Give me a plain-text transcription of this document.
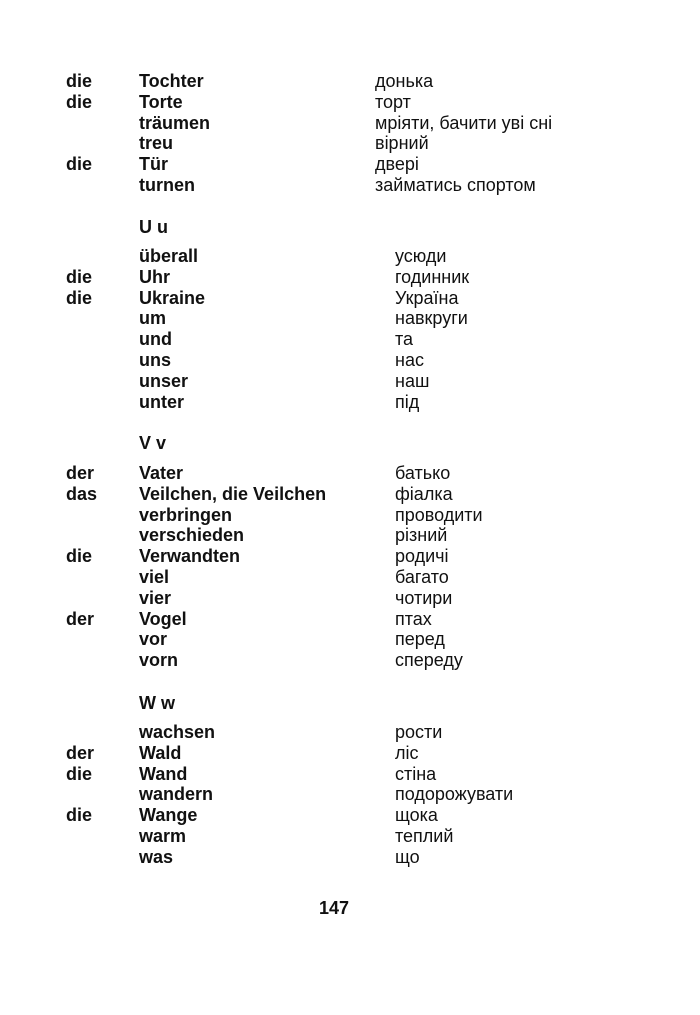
die	Tochter	донька
die	Torte	торт
träumen	мріяти, бачити уві сні
treu	вірний
die	Tür	двері
turnen	займатись спортом
U u
überall	усюди
die	Uhr	годинник
die	Ukraine	Україна
um	навкруги
und	та
uns	нас
unser	наш
unter	під
V v
der Vater	батько
das Veilchen, die Veilchen	фіалка
verbringen	проводити
verschieden	різний
die	Verwandten	родичі
viel	багато
vier	чотири
der Vogel	птах
vor	перед
vorn	спереду
W w
wachsen	рости
der Wald	ліс
die	Wand	стіна
wandern	подорожувати
die	Wange	щока
warm	теплий
was	що
147
